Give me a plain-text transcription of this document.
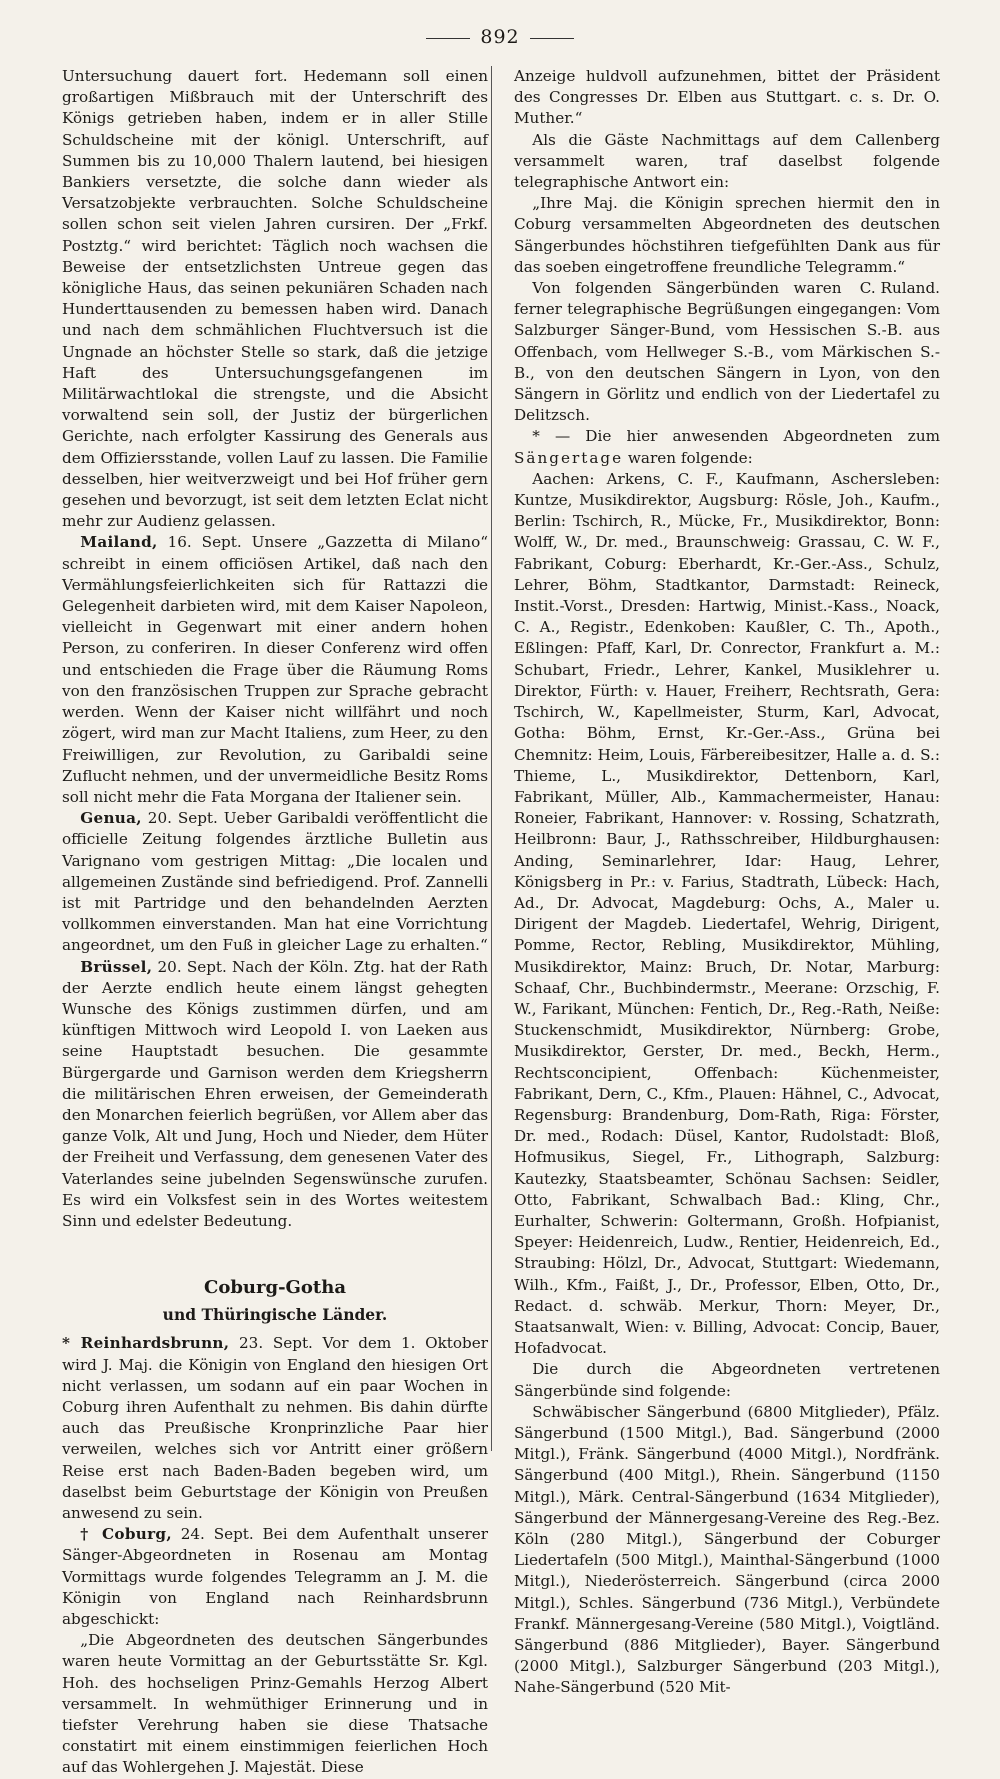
892

Untersuchung dauert fort. Hedemann soll einen großartigen Mißbrauch mit der Unterschrift des Königs getrieben haben, indem er in aller Stille Schuldscheine mit der königl. Unterschrift, auf Summen bis zu 10,000 Thalern lautend, bei hiesigen Bankiers versetzte, die solche dann wieder als Versatzobjekte verbrauchten. Solche Schuldscheine sollen schon seit vielen Jahren cursiren. Der „Frkf. Postztg.“ wird berichtet: Täglich noch wachsen die Beweise der entsetzlichsten Untreue gegen das königliche Haus, das seinen pekuniären Schaden nach Hunderttausenden zu bemessen haben wird. Danach und nach dem schmählichen Fluchtversuch ist die Ungnade an höchster Stelle so stark, daß die jetzige Haft des Untersuchungsgefangenen im Militärwachtlokal die strengste, und die Absicht vorwaltend sein soll, der Justiz der bürgerlichen Gerichte, nach erfolgter Kassirung des Generals aus dem Offiziersstande, vollen Lauf zu lassen. Die Familie desselben, hier weitverzweigt und bei Hof früher gern gesehen und bevorzugt, ist seit dem letzten Eclat nicht mehr zur Audienz gelassen.

Mailand, 16. Sept. Unsere „Gazzetta di Milano“ schreibt in einem officiösen Artikel, daß nach den Vermählungsfeierlichkeiten sich für Rattazzi die Gelegenheit darbieten wird, mit dem Kaiser Napoleon, vielleicht in Gegenwart mit einer andern hohen Person, zu conferiren. In dieser Conferenz wird offen und entschieden die Frage über die Räumung Roms von den französischen Truppen zur Sprache gebracht werden. Wenn der Kaiser nicht willfährt und noch zögert, wird man zur Macht Italiens, zum Heer, zu den Freiwilligen, zur Revolution, zu Garibaldi seine Zuflucht nehmen, und der unvermeidliche Besitz Roms soll nicht mehr die Fata Morgana der Italiener sein.

Genua, 20. Sept. Ueber Garibaldi veröffentlicht die officielle Zeitung folgendes ärztliche Bulletin aus Varignano vom gestrigen Mittag: „Die localen und allgemeinen Zustände sind befriedigend. Prof. Zannelli ist mit Partridge und den behandelnden Aerzten vollkommen einverstanden. Man hat eine Vorrichtung angeordnet, um den Fuß in gleicher Lage zu erhalten.“

Brüssel, 20. Sept. Nach der Köln. Ztg. hat der Rath der Aerzte endlich heute einem längst gehegten Wunsche des Königs zustimmen dürfen, und am künftigen Mittwoch wird Leopold I. von Laeken aus seine Hauptstadt besuchen. Die gesammte Bürgergarde und Garnison werden dem Kriegsherrn die militärischen Ehren erweisen, der Gemeinderath den Monarchen feierlich begrüßen, vor Allem aber das ganze Volk, Alt und Jung, Hoch und Nieder, dem Hüter der Freiheit und Verfassung, dem genesenen Vater des Vaterlandes seine jubelnden Segenswünsche zurufen. Es wird ein Volksfest sein in des Wortes weitestem Sinn und edelster Bedeutung.

Coburg-Gotha
und Thüringische Länder.

* Reinhardsbrunn, 23. Sept. Vor dem 1. Oktober wird J. Maj. die Königin von England den hiesigen Ort nicht verlassen, um sodann auf ein paar Wochen in Coburg ihren Aufenthalt zu nehmen. Bis dahin dürfte auch das Preußische Kronprinzliche Paar hier verweilen, welches sich vor Antritt einer größern Reise erst nach Baden-Baden begeben wird, um daselbst beim Geburtstage der Königin von Preußen anwesend zu sein.

† Coburg, 24. Sept. Bei dem Aufenthalt unserer Sänger-Abgeordneten in Rosenau am Montag Vormittags wurde folgendes Telegramm an J. M. die Königin von England nach Reinhardsbrunn abgeschickt:

„Die Abgeordneten des deutschen Sängerbundes waren heute Vormittag an der Geburtsstätte Sr. Kgl. Hoh. des hochseligen Prinz-Gemahls Herzog Albert versammelt. In wehmüthiger Erinnerung und in tiefster Verehrung haben sie diese Thatsache constatirt mit einem einstimmigen feierlichen Hoch auf das Wohlergehen J. Majestät. Diese

Anzeige huldvoll aufzunehmen, bittet der Präsident des Congresses Dr. Elben aus Stuttgart. c. s. Dr. O. Muther.“

Als die Gäste Nachmittags auf dem Callenberg versammelt waren, traf daselbst folgende telegraphische Antwort ein:

„Ihre Maj. die Königin sprechen hiermit den in Coburg versammelten Abgeordneten des deutschen Sängerbundes höchstihren tiefgefühlten Dank aus für das soeben eingetroffene freundliche Telegramm.“
C. Ruland.

Von folgenden Sängerbünden waren ferner telegraphische Begrüßungen eingegangen: Vom Salzburger Sänger-Bund, vom Hessischen S.-B. aus Offenbach, vom Hellweger S.-B., vom Märkischen S.-B., von den deutschen Sängern in Lyon, von den Sängern in Görlitz und endlich von der Liedertafel zu Delitzsch.

* — Die hier anwesenden Abgeordneten zum Sängertage waren folgende:

Aachen: Arkens, C. F., Kaufmann, Aschersleben: Kuntze, Musikdirektor, Augsburg: Rösle, Joh., Kaufm., Berlin: Tschirch, R., Mücke, Fr., Musikdirektor, Bonn: Wolff, W., Dr. med., Braunschweig: Grassau, C. W. F., Fabrikant, Coburg: Eberhardt, Kr.-Ger.-Ass., Schulz, Lehrer, Böhm, Stadtkantor, Darmstadt: Reineck, Instit.-Vorst., Dresden: Hartwig, Minist.-Kass., Noack, C. A., Registr., Edenkoben: Kaußler, C. Th., Apoth., Eßlingen: Pfaff, Karl, Dr. Conrector, Frankfurt a. M.: Schubart, Friedr., Lehrer, Kankel, Musiklehrer u. Direktor, Fürth: v. Hauer, Freiherr, Rechtsrath, Gera: Tschirch, W., Kapellmeister, Sturm, Karl, Advocat, Gotha: Böhm, Ernst, Kr.-Ger.-Ass., Grüna bei Chemnitz: Heim, Louis, Färbereibesitzer, Halle a. d. S.: Thieme, L., Musikdirektor, Dettenborn, Karl, Fabrikant, Müller, Alb., Kammachermeister, Hanau: Roneier, Fabrikant, Hannover: v. Rossing, Schatzrath, Heilbronn: Baur, J., Rathsschreiber, Hildburghausen: Anding, Seminarlehrer, Idar: Haug, Lehrer, Königsberg in Pr.: v. Farius, Stadtrath, Lübeck: Hach, Ad., Dr. Advocat, Magdeburg: Ochs, A., Maler u. Dirigent der Magdeb. Liedertafel, Wehrig, Dirigent, Pomme, Rector, Rebling, Musikdirektor, Mühling, Musikdirektor, Mainz: Bruch, Dr. Notar, Marburg: Schaaf, Chr., Buchbindermstr., Meerane: Orzschig, F. W., Farikant, München: Fentich, Dr., Reg.-Rath, Neiße: Stuckenschmidt, Musikdirektor, Nürnberg: Grobe, Musikdirektor, Gerster, Dr. med., Beckh, Herm., Rechtsconcipient, Offenbach: Küchenmeister, Fabrikant, Dern, C., Kfm., Plauen: Hähnel, C., Advocat, Regensburg: Brandenburg, Dom-Rath, Riga: Förster, Dr. med., Rodach: Düsel, Kantor, Rudolstadt: Bloß, Hofmusikus, Siegel, Fr., Lithograph, Salzburg: Kautezky, Staatsbeamter, Schönau Sachsen: Seidler, Otto, Fabrikant, Schwalbach Bad.: Kling, Chr., Eurhalter, Schwerin: Goltermann, Großh. Hofpianist, Speyer: Heidenreich, Ludw., Rentier, Heidenreich, Ed., Straubing: Hölzl, Dr., Advocat, Stuttgart: Wiedemann, Wilh., Kfm., Faißt, J., Dr., Professor, Elben, Otto, Dr., Redact. d. schwäb. Merkur, Thorn: Meyer, Dr., Staatsanwalt, Wien: v. Billing, Advocat: Concip, Bauer, Hofadvocat.

Die durch die Abgeordneten vertretenen Sängerbünde sind folgende:

Schwäbischer Sängerbund (6800 Mitglieder), Pfälz. Sängerbund (1500 Mitgl.), Bad. Sängerbund (2000 Mitgl.), Fränk. Sängerbund (4000 Mitgl.), Nordfränk. Sängerbund (400 Mitgl.), Rhein. Sängerbund (1150 Mitgl.), Märk. Central-Sängerbund (1634 Mitglieder), Sängerbund der Männergesang-Vereine des Reg.-Bez. Köln (280 Mitgl.), Sängerbund der Coburger Liedertafeln (500 Mitgl.), Mainthal-Sängerbund (1000 Mitgl.), Niederösterreich. Sängerbund (circa 2000 Mitgl.), Schles. Sängerbund (736 Mitgl.), Verbündete Frankf. Männergesang-Vereine (580 Mitgl.), Voigtländ. Sängerbund (886 Mitglieder), Bayer. Sängerbund (2000 Mitgl.), Salzburger Sängerbund (203 Mitgl.), Nahe-Sängerbund (520 Mit-
